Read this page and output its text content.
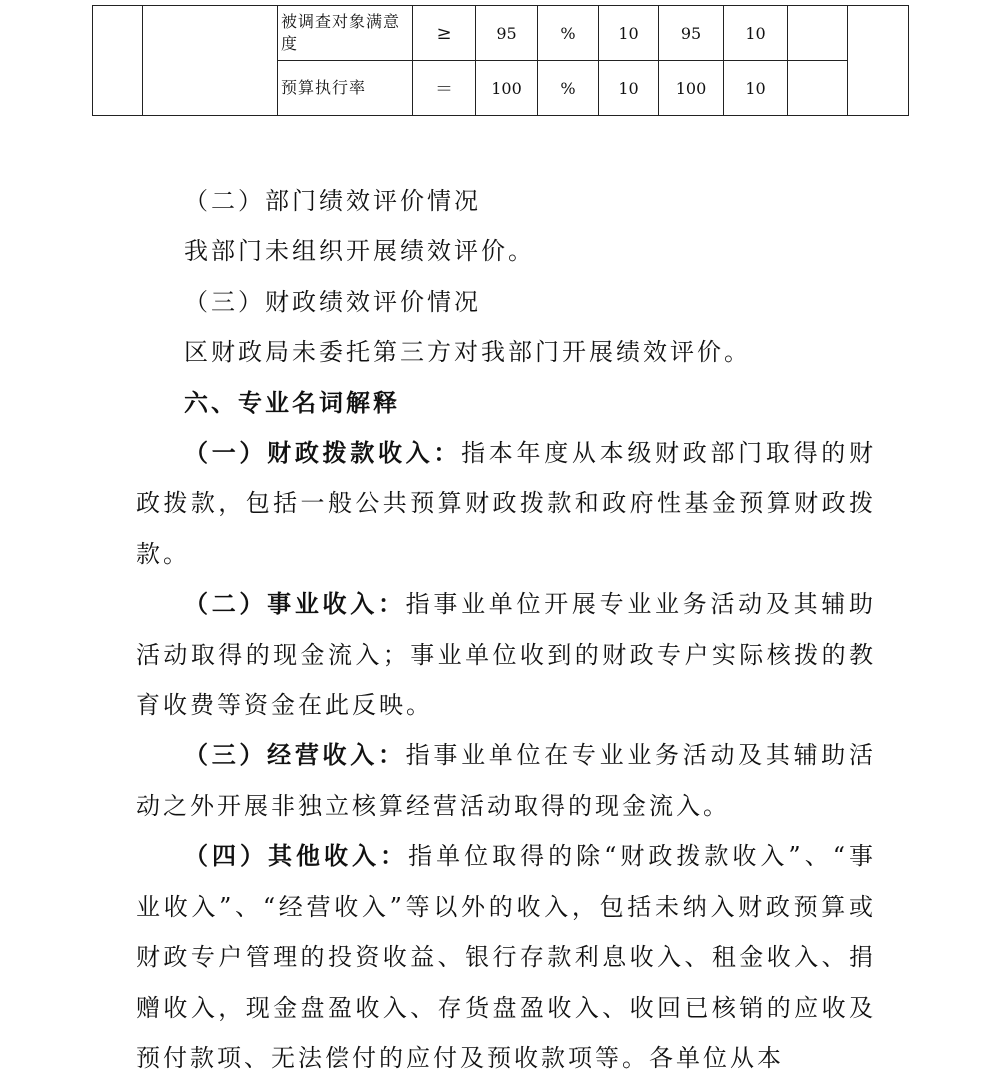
		被调查对象满意度	≥	95	%	10	95	10		
		预算执行率	＝	100	%	10	100	10		

（二）部门绩效评价情况

我部门未组织开展绩效评价。

（三）财政绩效评价情况

区财政局未委托第三方对我部门开展绩效评价。

六、专业名词解释

（一）财政拨款收入：指本年度从本级财政部门取得的财政拨款，包括一般公共预算财政拨款和政府性基金预算财政拨款。

（二）事业收入：指事业单位开展专业业务活动及其辅助活动取得的现金流入；事业单位收到的财政专户实际核拨的教育收费等资金在此反映。

（三）经营收入：指事业单位在专业业务活动及其辅助活动之外开展非独立核算经营活动取得的现金流入。

（四）其他收入：指单位取得的除“财政拨款收入”、“事业收入”、“经营收入”等以外的收入，包括未纳入财政预算或财政专户管理的投资收益、银行存款利息收入、租金收入、捐赠收入，现金盘盈收入、存货盘盈收入、收回已核销的应收及预付款项、无法偿付的应付及预收款项等。各单位从本
